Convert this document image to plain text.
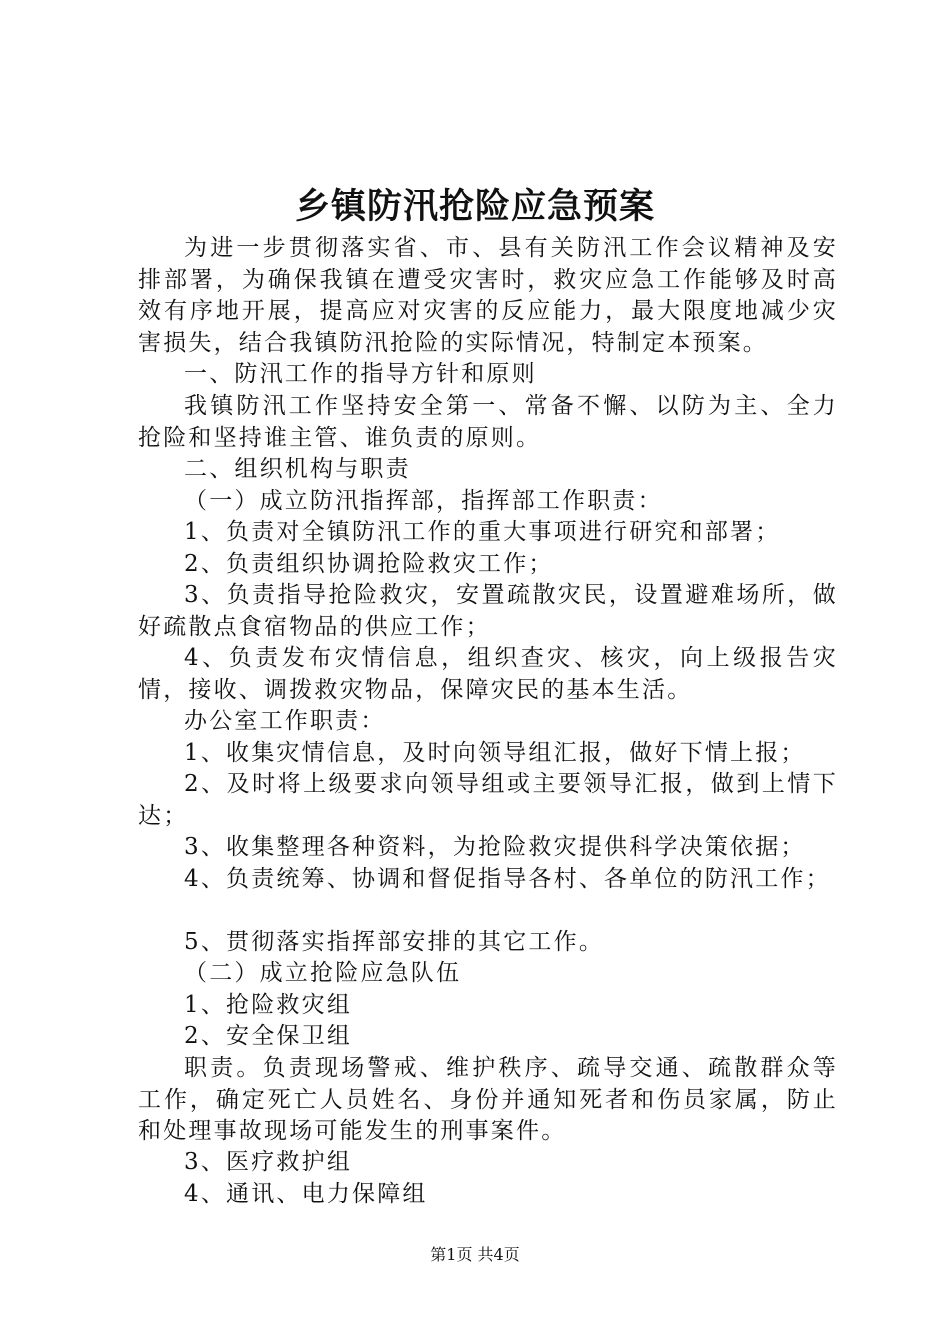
乡镇防汛抢险应急预案

为进一步贯彻落实省、市、县有关防汛工作会议精神及安排部署，为确保我镇在遭受灾害时，救灾应急工作能够及时高效有序地开展，提高应对灾害的反应能力，最大限度地减少灾害损失，结合我镇防汛抢险的实际情况，特制定本预案。

一、防汛工作的指导方针和原则

我镇防汛工作坚持安全第一、常备不懈、以防为主、全力抢险和坚持谁主管、谁负责的原则。

二、组织机构与职责

（一）成立防汛指挥部，指挥部工作职责：

1、负责对全镇防汛工作的重大事项进行研究和部署；

2、负责组织协调抢险救灾工作；

3、负责指导抢险救灾，安置疏散灾民，设置避难场所，做好疏散点食宿物品的供应工作；

4、负责发布灾情信息，组织查灾、核灾，向上级报告灾情，接收、调拨救灾物品，保障灾民的基本生活。

办公室工作职责：

1、收集灾情信息，及时向领导组汇报，做好下情上报；

2、及时将上级要求向领导组或主要领导汇报，做到上情下达；

3、收集整理各种资料，为抢险救灾提供科学决策依据；

4、负责统筹、协调和督促指导各村、各单位的防汛工作；

5、贯彻落实指挥部安排的其它工作。

（二）成立抢险应急队伍

1、抢险救灾组

2、安全保卫组

职责。负责现场警戒、维护秩序、疏导交通、疏散群众等工作，确定死亡人员姓名、身份并通知死者和伤员家属，防止和处理事故现场可能发生的刑事案件。

3、医疗救护组

4、通讯、电力保障组

第1页 共4页
